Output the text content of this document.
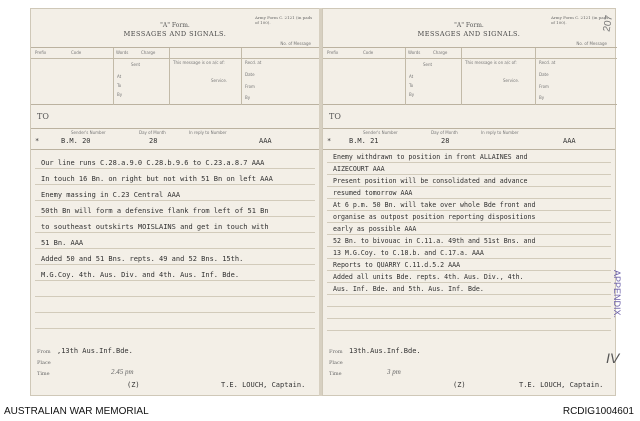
Army Form C. 2121 (in pads of 100).
No. of Message
"A" Form.
MESSAGES AND SIGNALS.
Prefix	Code	Words	Charge
Sent
At
To
By
This message is on a/c of:
Service.
Recd. at
Date
From
By
TO
Sender's Number	Day of Month	In reply to Number
*	B.M. 20	28	AAA
Our line runs C.28.a.9.0 C.28.b.9.6 to C.23.a.8.7 AAA
In touch 16 Bn. on right but not with 51 Bn on left AAA
Enemy massing in C.23 Central AAA
50th Bn will form a defensive flank from left of 51 Bn
to southeast outskirts MOISLAINS and get in touch with
51 Bn. AAA
Added 50 and 51 Bns. repts. 49 and 52 Bns. 15th.
M.G.Coy. 4th. Aus. Div. and 4th. Aus. Inf. Bde.
From ,13th Aus.Inf.Bde.
Place
Time	2.45 pm
(Z)	T.E. LOUCH, Captain.
Army Form C. 2121 (in pads of 100).
No. of Message
"A" Form.
MESSAGES AND SIGNALS.
Prefix	Code	Words	Charge
Sent
At
To
By
This message is on a/c of:
Service.
Recd. at
Date
From
By
TO
Sender's Number	Day of Month	In reply to Number
*	B.M. 21	28	AAA
Enemy withdrawn to position in front ALLAINES and
AIZECOURT AAA
Present position will be consolidated and advance
resumed tomorrow AAA
At 6 p.m. 50 Bn. will take over whole Bde front and
organise as outpost position reporting dispositions
early as possible AAA
52 Bn. to bivouac in C.11.a. 49th and 51st Bns. and
13 M.G.Coy. to C.18.b. and C.17.a. AAA
Reports to QUARRY C.11.d.5.2 AAA
Added all units Bde. repts. 4th. Aus. Div., 4th.
Aus. Inf. Bde. and 5th. Aus. Inf. Bde.
From 13th.Aus.Inf.Bde.
Place
Time	3 pm
(Z)	T.E. LOUCH, Captain.
207
APPENDIX.
IV
AUSTRALIAN WAR MEMORIAL	RCDIG1004601
